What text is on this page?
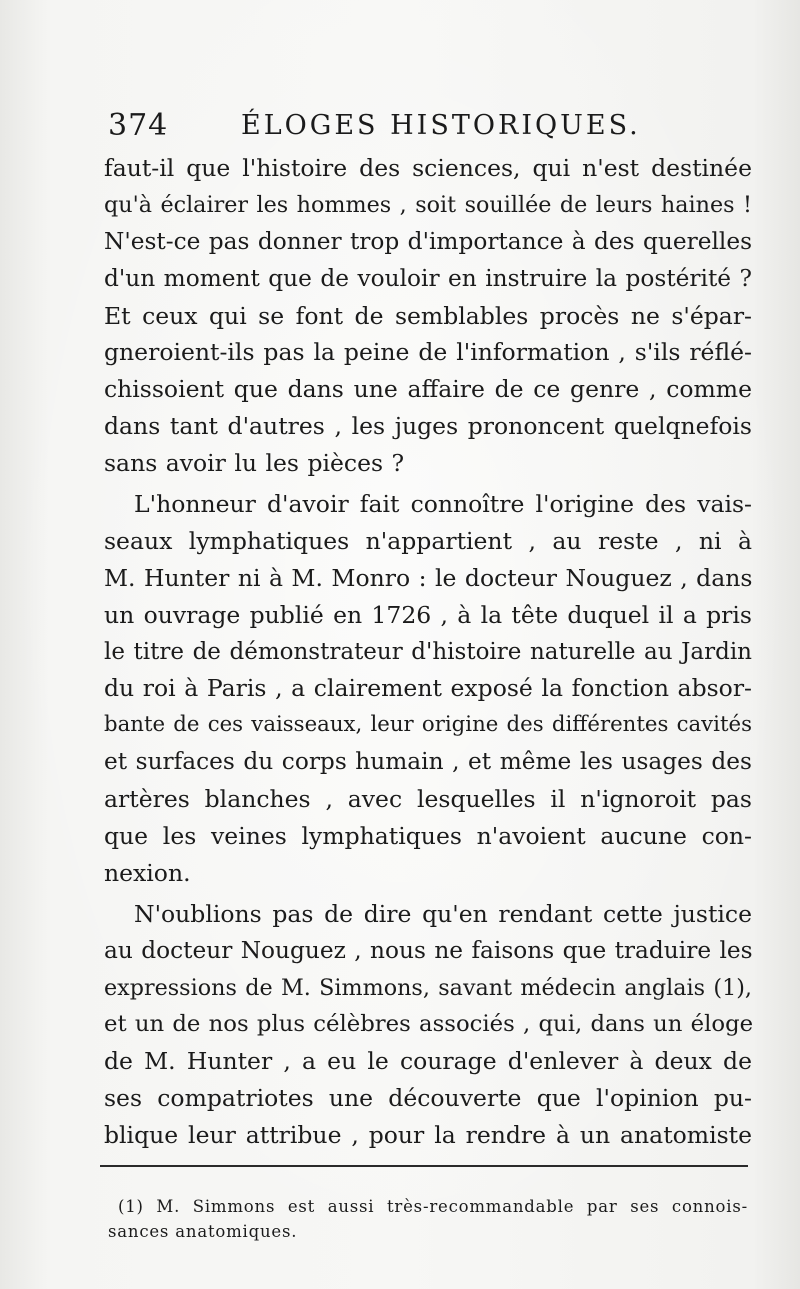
374	ÉLOGES HISTORIQUES.
faut-il que l'histoire des sciences, qui n'est destinée
qu'à éclairer les hommes , soit souillée de leurs haines !
N'est-ce pas donner trop d'importance à des querelles
d'un moment que de vouloir en instruire la postérité ?
Et ceux qui se font de semblables procès ne s'épar-
gneroient-ils pas la peine de l'information , s'ils réflé-
chissoient que dans une affaire de ce genre , comme
dans tant d'autres , les juges prononcent quelqnefois
sans avoir lu les pièces ?
L'honneur d'avoir fait connoître l'origine des vais-
seaux lymphatiques n'appartient , au reste , ni à
M. Hunter ni à M. Monro : le docteur Nouguez , dans
un ouvrage publié en 1726 , à la tête duquel il a pris
le titre de démonstrateur d'histoire naturelle au Jardin
du roi à Paris , a clairement exposé la fonction absor-
bante de ces vaisseaux, leur origine des différentes cavités
et surfaces du corps humain , et même les usages des
artères blanches , avec lesquelles il n'ignoroit pas
que les veines lymphatiques n'avoient aucune con-
nexion.
N'oublions pas de dire qu'en rendant cette justice
au docteur Nouguez , nous ne faisons que traduire les
expressions de M. Simmons, savant médecin anglais (1),
et un de nos plus célèbres associés , qui, dans un éloge
de M. Hunter , a eu le courage d'enlever à deux de
ses compatriotes une découverte que l'opinion pu-
blique leur attribue , pour la rendre à un anatomiste
(1) M. Simmons est aussi très-recommandable par ses connois-
sances anatomiques.
